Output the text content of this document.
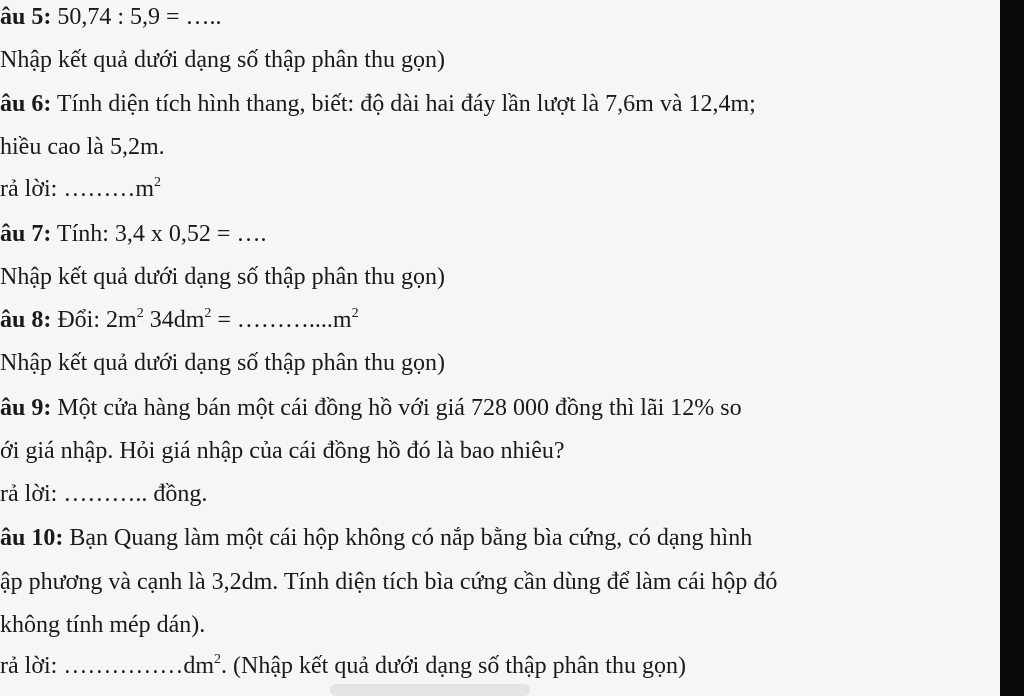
âu 5: 50,74 : 5,9 = …..
Nhập kết quả dưới dạng số thập phân thu gọn)
âu 6: Tính diện tích hình thang, biết: độ dài hai đáy lần lượt là 7,6m và 12,4m;
hiều cao là 5,2m.
rả lời: $\dots\dots\dots m^2$
âu 7: Tính: 3,4 x 0,52 = ….
Nhập kết quả dưới dạng số thập phân thu gọn)
âu 8: Đổi: $2m^2$ $34dm^2$ = $\dots\dots\dots....m^2$
Nhập kết quả dưới dạng số thập phân thu gọn)
âu 9: Một cửa hàng bán một cái đồng hồ với giá 728 000 đồng thì lãi 12% so
ới giá nhập. Hỏi giá nhập của cái đồng hồ đó là bao nhiêu?
rả lời: ……….. đồng.
âu 10: Bạn Quang làm một cái hộp không có nắp bằng bìa cứng, có dạng hình
ập phương và cạnh là 3,2dm. Tính diện tích bìa cứng cần dùng để làm cái hộp đó
không tính mép dán).
rả lời: $\dots\dots\dots\dots\dots dm^2$. (Nhập kết quả dưới dạng số thập phân thu gọn)
